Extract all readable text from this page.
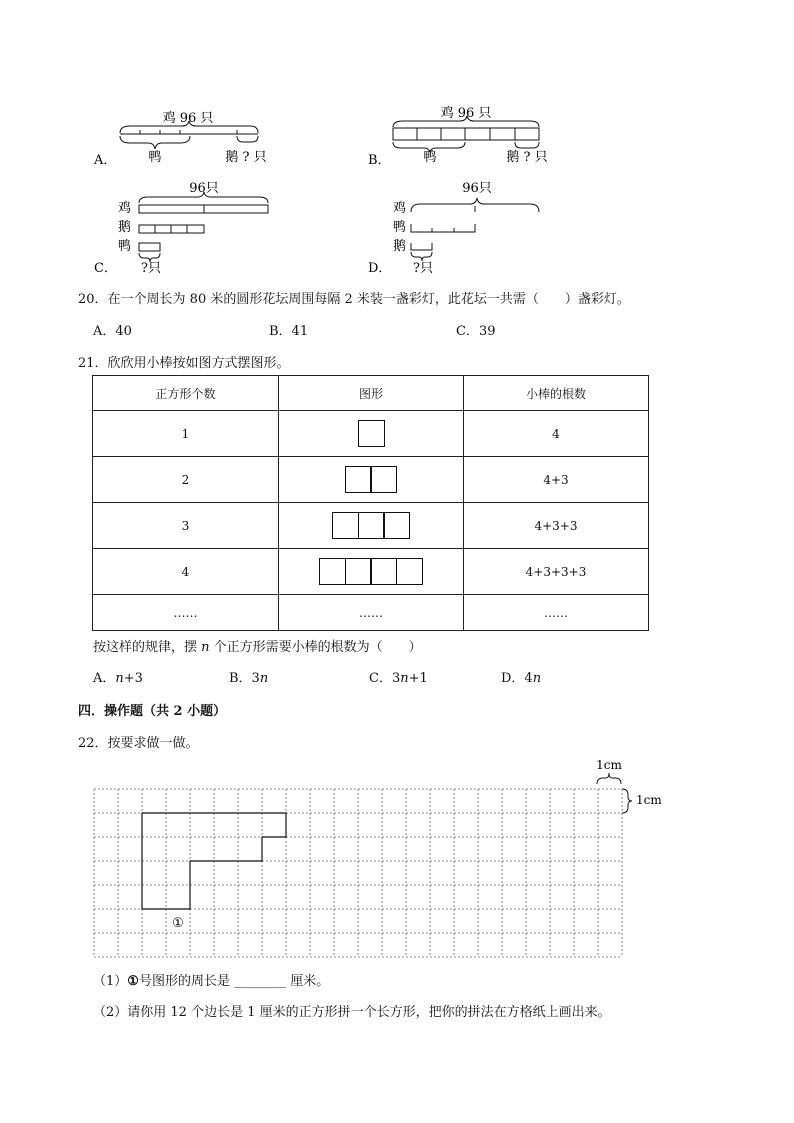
A．
鸡 96 只
鸭	鹅 ? 只	B．
鸡 96 只
鸭	鹅 ? 只
C．
96只
鸡
鹅
鸭
?只	D．
96只
鸡
鸭
鹅
?只
20．在一个周长为 80 米的圆形花坛周围每隔 2 米装一盏彩灯，此花坛一共需（　　）盏彩灯。
A．40	B．41	C．39
21．欣欣用小棒按如图方式摆图形。
正方形个数	图形	小棒的根数
1		4
2		4+3
3		4+3+3
4		4+3+3+3
……	……	……
按这样的规律，摆 n 个正方形需要小棒的根数为（　　）
A．n+3	B．3n	C．3n+1	D．4n
四．操作题（共 2 小题）
22．按要求做一做。
1cm
1cm
①
（1）①号图形的周长是 ________ 厘米。
（2）请你用 12 个边长是 1 厘米的正方形拼一个长方形，把你的拼法在方格纸上画出来。
